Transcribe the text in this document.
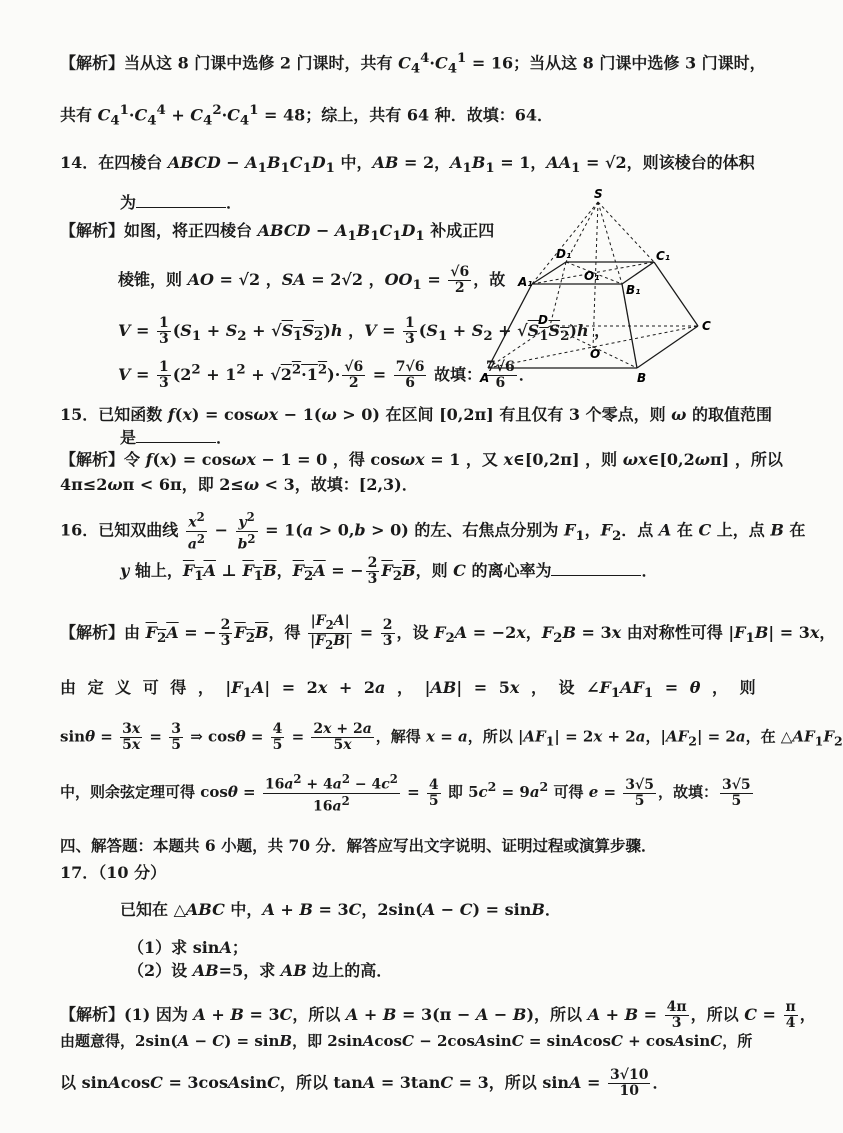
【解析】当从这 8 门课中选修 2 门课时，共有 $C_4^4\cdot C_4^1 = 16$；当从这 8 门课中选修 3 门课时，
共有 $C_4^1\cdot C_4^4 + C_4^2\cdot C_4^1 = 48$；综上，共有 64 种．故填：64．
14．在四棱台 ABCD − $A_1B_1C_1D_1$ 中，AB = 2，$A_1B_1 = 1$，$AA_1 = √2$，则该棱台的体积
为	．
【解析】如图，将正四棱台 ABCD − $A_1B_1C_1D_1$ 补成正四
棱锥，则 AO = √2 ，SA = 2√2 ，$OO_1 = \frac{√6}{2}$ ，故
$V = \frac{1}{3} (S_1 + S_2 + √S_1S_2)h$ ，$V = \frac{1}{3} (S_1 + S_2 + √S_1S_2)h$ ，
$V = \frac{1}{3} (2^2 + 1^2 + √2^2\cdot 1^2)\cdot \frac{√6}{2} = \frac{7√6}{6}$ 故填： $\frac{7√6}{6}$ ．
S
D₁	C₁
A₁	O₁
B₁
D	C
O
A	B
15．已知函数 f(x) = cosωx − 1(ω > 0) 在区间 [0,2π] 有且仅有 3 个零点，则 ω 的取值范围
是	．
【解析】令 f(x) = cosωx − 1 = 0 ，得 cosωx = 1 ，又 x∈[0,2π] ，则 ωx∈[0,2ωπ] ，所以
4π≤2ωπ < 6π，即 2≤ω < 3，故填：[2,3)．
16．已知双曲线 $\frac{x^2}{a^2} - \frac{y^2}{b^2} = 1(a > 0,b > 0)$ 的左、右焦点分别为 $F_1$，$F_2$．点 A 在 C 上，点 B 在
y 轴上，$F_1A$ ⊥ $F_1B$，$F_2A$ = − $\frac{2}{3} F_2B$，则 C 的离心率为	．
【解析】由 $F_2A$ = − $\frac{2}{3} F_2B$，得 $\frac{|F_2A|}{|F_2B|} = \frac{2}{3}$ ，设 $F_2A = -2x$，$F_2B = 3x$ 由对称性可得 $|F_1B| = 3x$，
由 定 义 可 得 ， $|F_1A| = 2x + 2a$ ， |AB| = 5x ， 设 $\angle F_1AF_1 = \theta$ ， 则
$\sin\theta = \frac{3x}{5x} = \frac{3}{5}$ ⇒ $\cos\theta = \frac{4}{5} = \frac{2x + 2a}{5x}$ ，解得 x = a，所以 $|AF_1| = 2x + 2a$，$|AF_2| = 2a$，在 $\triangle AF_1F_2$
中，则余弦定理可得 $\cos\theta = \frac{16a^2 + 4a^2 - 4c^2}{16a^2} = \frac{4}{5}$ 即 $5c^2 = 9a^2$ 可得 $e = \frac{3√5}{5}$ ，故填： $\frac{3√5}{5}$
四、解答题：本题共 6 小题，共 70 分．解答应写出文字说明、证明过程或演算步骤．
17．（10 分）
已知在 △ABC 中，A + B = 3C，2sin(A − C) = sinB．
（1）求 sinA；
（2）设 AB=5，求 AB 边上的高．
【解析】(1) 因为 A + B = 3C，所以 A + B = 3(π − A − B)，所以 $A + B = \frac{4\pi}{3}$ ，所以 $C = \frac{\pi}{4}$ ，
由题意得，2sin(A − C) = sinB，即 2sinAcosC − 2cosAsinC = sinAcosC + cosAsinC，所
以 sinAcosC = 3cosAsinC，所以 tanA = 3tanC = 3，所以 $\sin A = \frac{3√10}{10}$ ．
